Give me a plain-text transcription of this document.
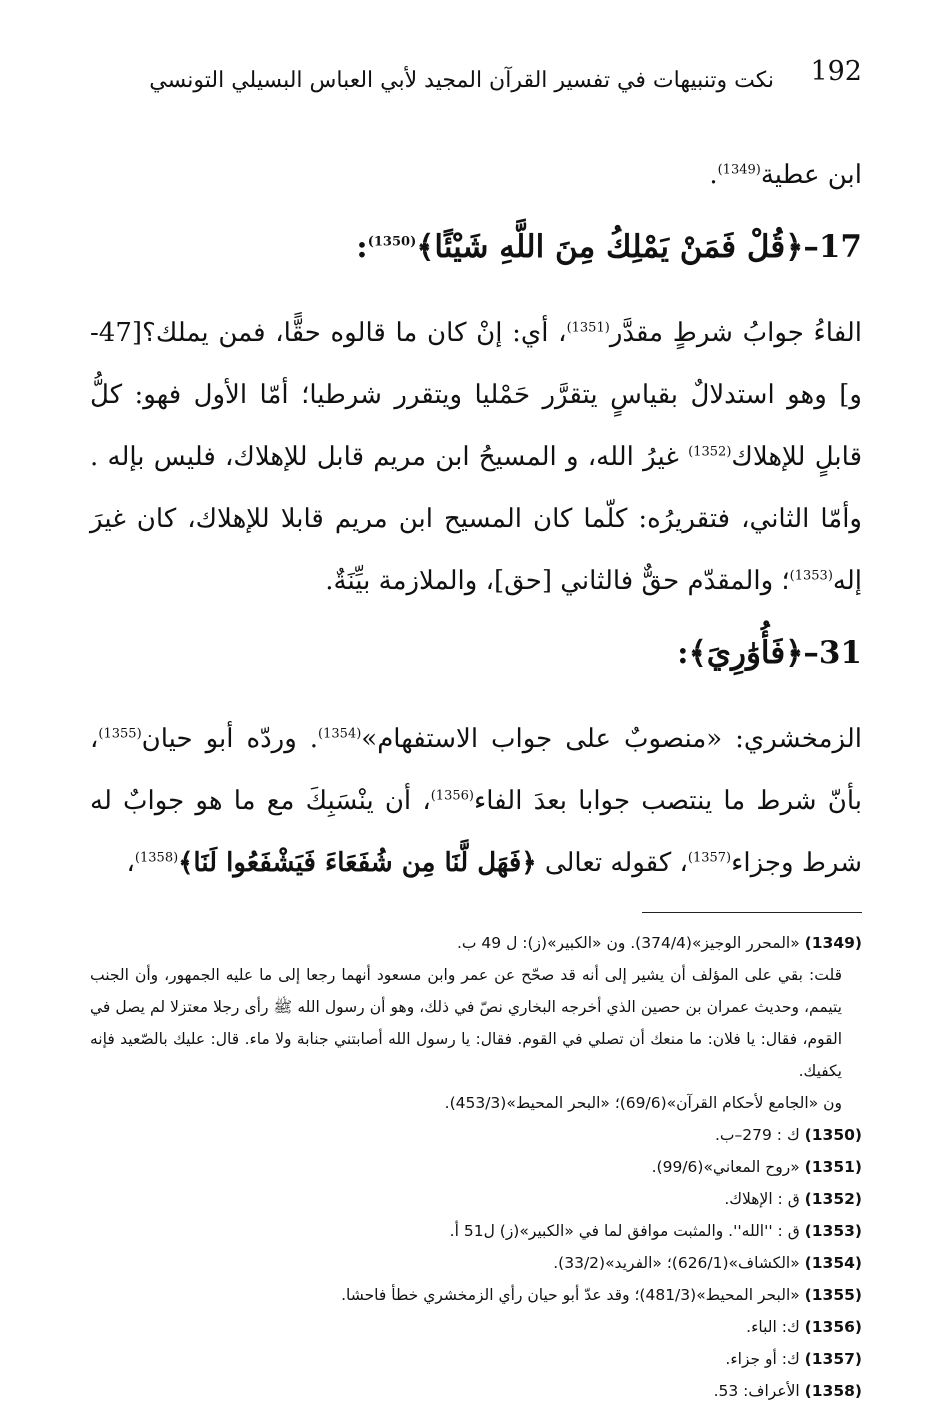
192
نكت وتنبيهات في تفسير القرآن المجيد لأبي العباس البسيلي التونسي

ابن عطية$^{(1349)}$.

17–﴿قُلْ فَمَنْ يَمْلِكُ مِنَ اللَّهِ شَيْئًا﴾$^{(1350)}$:

الفاءُ جوابُ شرطٍ مقدَّر$^{(1351)}$، أي: إنْ كان ما قالوه حقًّا، فمن يملك؟[47-و] وهو استدلالٌ بقياسٍ يتقرَّر حَمْليا ويتقرر شرطيا؛ أمّا الأول فهو: كلُّ قابلٍ للإهلاك$^{(1352)}$ غيرُ الله، و المسيحُ ابن مريم قابل للإهلاك، فليس بإله . وأمّا الثاني، فتقريرُه: كلّما كان المسيح ابن مريم قابلا للإهلاك، كان غيرَ إله$^{(1353)}$؛ والمقدّم حقٌّ فالثاني [حق]، والملازمة بيِّنَةٌ.

31–﴿فَأُوَٰرِيَ﴾:

الزمخشري: «منصوبٌ على جواب الاستفهام»$^{(1354)}$. وردّه أبو حيان$^{(1355)}$، بأنّ شرط ما ينتصب جوابا بعدَ الفاء$^{(1356)}$، أن ينْسَبِكَ مع ما هو جوابٌ له شرط وجزاء$^{(1357)}$، كقوله تعالى ﴿فَهَل لَّنَا مِن شُفَعَاءَ فَيَشْفَعُوا لَنَا﴾$^{(1358)}$،

(1349) «المحرر الوجيز»(374/4). ون «الكبير»(ز): ل 49 ب.

قلت: بقي على المؤلف أن يشير إلى أنه قد صحّح عن عمر وابن مسعود أنهما رجعا إلى ما عليه الجمهور، وأن الجنب يتيمم، وحديث عمران بن حصين الذي أخرجه البخاري نصّ في ذلك، وهو أن رسول الله ﷺ رأى رجلا معتزلا لم يصل في القوم، فقال: يا فلان: ما منعك أن تصلي في القوم. فقال: يا رسول الله أصابتني جنابة ولا ماء. قال: عليك بالصّعيد فإنه يكفيك.

ون «الجامع لأحكام القرآن»(69/6)؛ «البحر المحيط»(453/3).

(1350) ك : 279–ب.

(1351) «روح المعاني»(99/6).

(1352) ق : الإهلاك.

(1353) ق : ''الله''. والمثبت موافق لما في «الكبير»(ز) ل51 أ.

(1354) «الكشاف»(626/1)؛ «الفريد»(33/2).

(1355) «البحر المحيط»(481/3)؛ وقد عدّ أبو حيان رأي الزمخشري خطأ فاحشا.

(1356) ك: الباء.

(1357) ك: أو جزاء.

(1358) الأعراف: 53.
